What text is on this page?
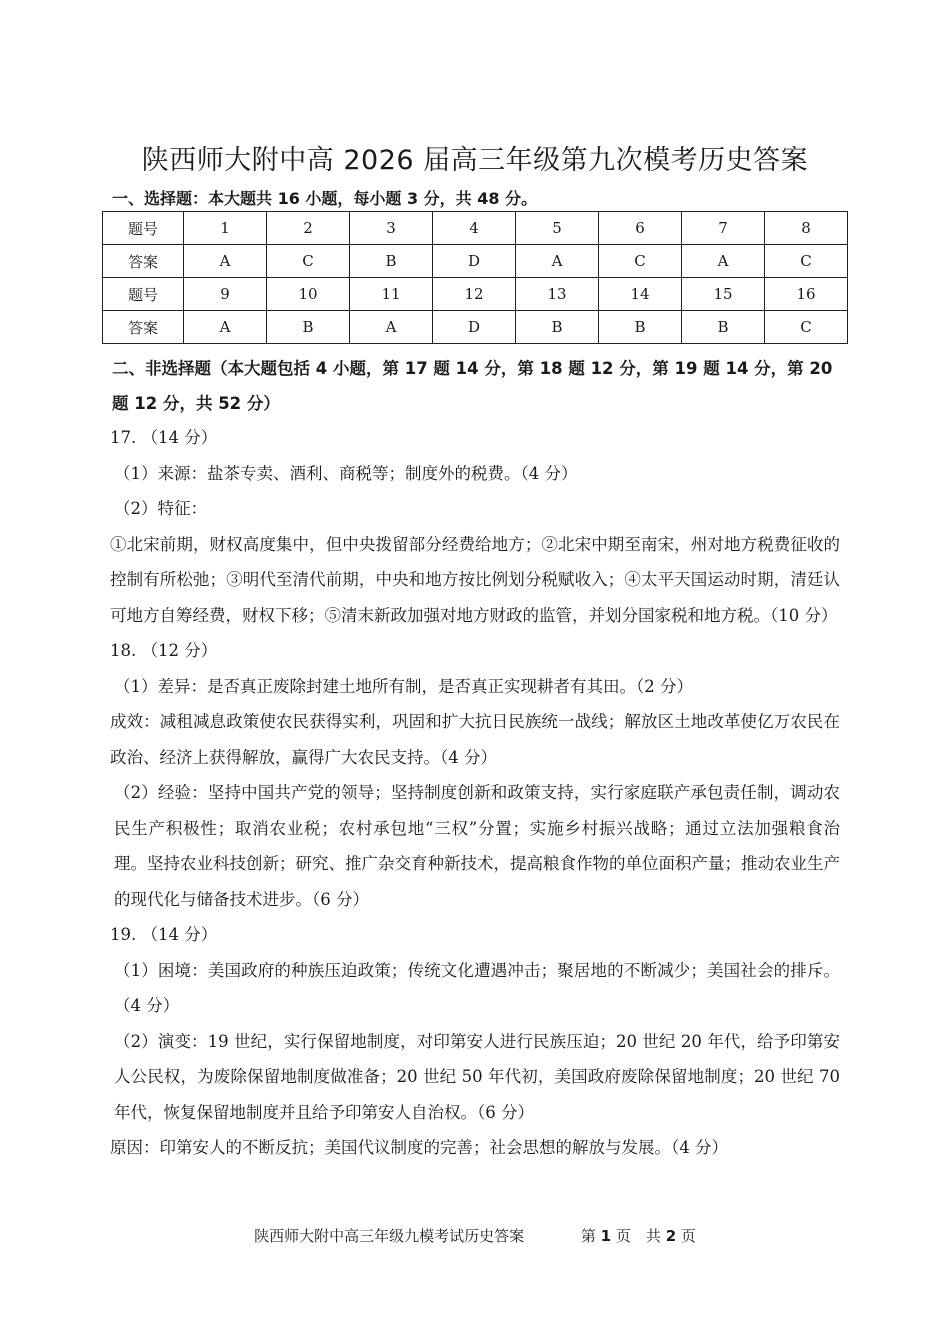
陕西师大附中高 2026 届高三年级第九次模考历史答案
一、选择题：本大题共 16 小题，每小题 3 分，共 48 分。
题号	1	2	3	4	5	6	7	8
答案	A	C	B	D	A	C	A	C
题号	9	10	11	12	13	14	15	16
答案	A	B	A	D	B	B	B	C
二、非选择题（本大题包括 4 小题，第 17 题 14 分，第 18 题 12 分，第 19 题 14 分，第 20 题 12 分，共 52 分）

17. （14 分）

（1）来源：盐茶专卖、酒利、商税等；制度外的税费。（4 分）

（2）特征：

①北宋前期，财权高度集中，但中央拨留部分经费给地方；②北宋中期至南宋，州对地方税费征收的控制有所松弛；③明代至清代前期，中央和地方按比例划分税赋收入；④太平天国运动时期，清廷认可地方自筹经费，财权下移；⑤清末新政加强对地方财政的监管，并划分国家税和地方税。（10 分）

18. （12 分）

（1）差异：是否真正废除封建土地所有制，是否真正实现耕者有其田。（2 分）

成效：减租减息政策使农民获得实利，巩固和扩大抗日民族统一战线；解放区土地改革使亿万农民在政治、经济上获得解放，赢得广大农民支持。（4 分）

（2）经验：坚持中国共产党的领导；坚持制度创新和政策支持，实行家庭联产承包责任制，调动农民生产积极性；取消农业税；农村承包地“三权”分置；实施乡村振兴战略；通过立法加强粮食治理。坚持农业科技创新；研究、推广杂交育种新技术，提高粮食作物的单位面积产量；推动农业生产的现代化与储备技术进步。（6 分）

19. （14 分）

（1）困境：美国政府的种族压迫政策；传统文化遭遇冲击；聚居地的不断减少；美国社会的排斥。（4 分）

（2）演变：19 世纪，实行保留地制度，对印第安人进行民族压迫；20 世纪 20 年代，给予印第安人公民权，为废除保留地制度做准备；20 世纪 50 年代初，美国政府废除保留地制度；20 世纪 70 年代，恢复保留地制度并且给予印第安人自治权。（6 分）

原因：印第安人的不断反抗；美国代议制度的完善；社会思想的解放与发展。（4 分）

陕西师大附中高三年级九模考试历史答案	第 1 页　共 2 页
